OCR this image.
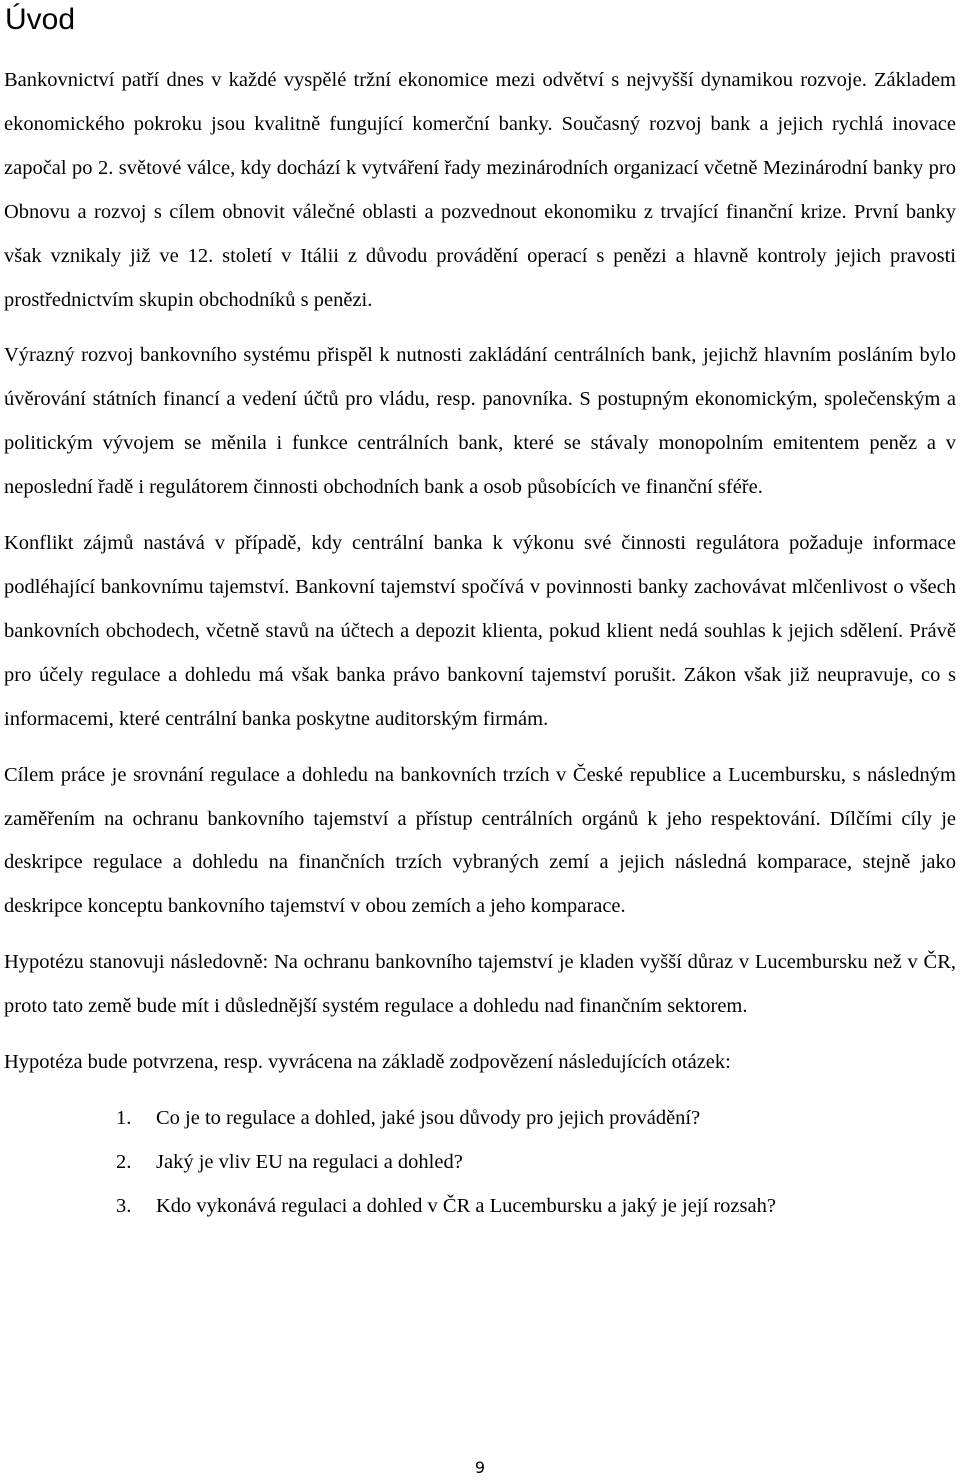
Úvod

Bankovnictví patří dnes v každé vyspělé tržní ekonomice mezi odvětví s nejvyšší dynamikou rozvoje. Základem ekonomického pokroku jsou kvalitně fungující komerční banky. Současný rozvoj bank a jejich rychlá inovace započal po 2. světové válce, kdy dochází k vytváření řady mezinárodních organizací včetně Mezinárodní banky pro Obnovu a rozvoj s cílem obnovit válečné oblasti a pozvednout ekonomiku z trvající finanční krize. První banky však vznikaly již ve 12. století v Itálii z důvodu provádění operací s penězi a hlavně kontroly jejich pravosti prostřednictvím skupin obchodníků s penězi.

Výrazný rozvoj bankovního systému přispěl k nutnosti zakládání centrálních bank, jejichž hlavním posláním bylo úvěrování státních financí a vedení účtů pro vládu, resp. panovníka. S postupným ekonomickým, společenským a politickým vývojem se měnila i funkce centrálních bank, které se stávaly monopolním emitentem peněz a v neposlední řadě i regulátorem činnosti obchodních bank a osob působících ve finanční sféře.

Konflikt zájmů nastává v případě, kdy centrální banka k výkonu své činnosti regulátora požaduje informace podléhající bankovnímu tajemství. Bankovní tajemství spočívá v povinnosti banky zachovávat mlčenlivost o všech bankovních obchodech, včetně stavů na účtech a depozit klienta, pokud klient nedá souhlas k jejich sdělení. Právě pro účely regulace a dohledu má však banka právo bankovní tajemství porušit. Zákon však již neupravuje, co s informacemi, které centrální banka poskytne auditorským firmám.

Cílem práce je srovnání regulace a dohledu na bankovních trzích v České republice a Lucembursku, s následným zaměřením na ochranu bankovního tajemství a přístup centrálních orgánů k jeho respektování. Dílčími cíly je deskripce regulace a dohledu na finančních trzích vybraných zemí a jejich následná komparace, stejně jako deskripce konceptu bankovního tajemství v obou zemích a jeho komparace.

Hypotézu stanovuji následovně: Na ochranu bankovního tajemství je kladen vyšší důraz v Lucembursku než v ČR, proto tato země bude mít i důslednější systém regulace a dohledu nad finančním sektorem.

Hypotéza bude potvrzena, resp. vyvrácena na základě zodpovězení následujících otázek:

1.	Co je to regulace a dohled, jaké jsou důvody pro jejich provádění?
2.	Jaký je vliv EU na regulaci a dohled?
3.	Kdo vykonává regulaci a dohled v ČR a Lucembursku a jaký je její rozsah?
9
